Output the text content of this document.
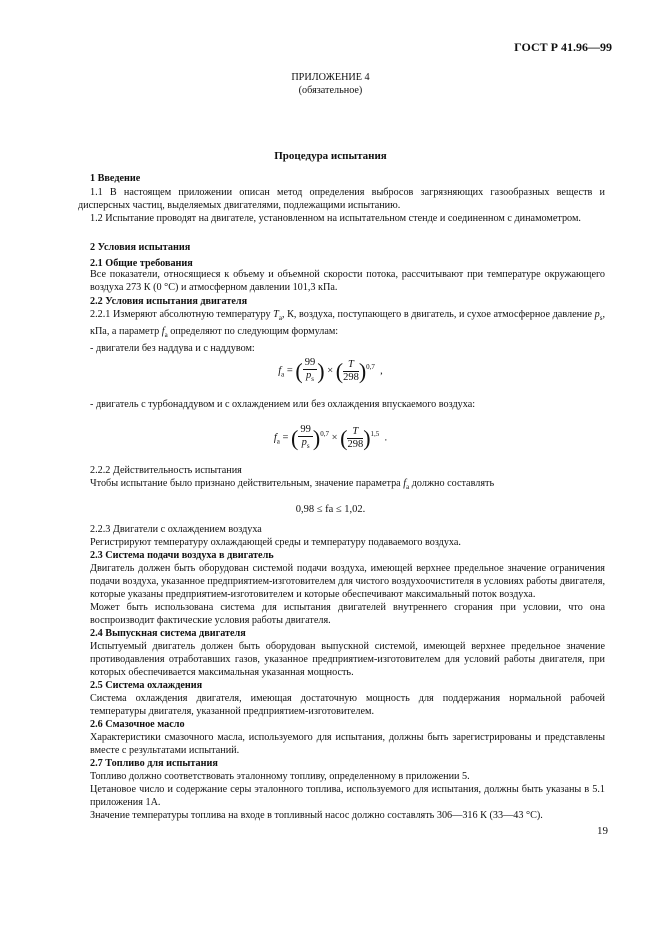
ГОСТ Р 41.96—99
ПРИЛОЖЕНИЕ 4
(обязательное)
Процедура испытания

1 Введение

1.1 В настоящем приложении описан метод определения выбросов загрязняющих газообразных веществ и дисперсных частиц, выделяемых двигателями, подлежащими испытанию.

1.2 Испытание проводят на двигателе, установленном на испытательном стенде и соединенном с динамометром.

2 Условия испытания

2.1 Общие требования

Все показатели, относящиеся к объему и объемной скорости потока, рассчитывают при температуре окружающего воздуха 273 К (0 °С) и атмосферном давлении 101,3 кПа.

2.2 Условия испытания двигателя

2.2.1 Измеряют абсолютную температуру $T_a$, К, воздуха, поступающего в двигатель, и сухое атмосферное давление $p_s$, кПа, а параметр $f_a$ определяют по следующим формулам:

- двигатели без наддува и с наддувом:

$f_a$ = ( $\frac{99}{p_s}$ ) × ( $\frac{T}{298} )^{0,7}$  ,

- двигатель с турбонаддувом и с охлаждением или без охлаждения впускаемого воздуха:

$f_a$ = ( $\frac{99}{p_s} )^{0,7}$ × ( $\frac{T}{298} )^{1,5}$  .

2.2.2 Действительность испытания

Чтобы испытание было признано действительным, значение параметра $f_a$ должно составлять

0,98 ≤ fa ≤ 1,02.

2.2.3 Двигатели с охлаждением воздуха

Регистрируют температуру охлаждающей среды и температуру подаваемого воздуха.

2.3 Система подачи воздуха в двигатель

Двигатель должен быть оборудован системой подачи воздуха, имеющей верхнее предельное значение ограничения подачи воздуха, указанное предприятием-изготовителем для чистого воздухоочистителя в условиях работы двигателя, которые указаны предприятием-изготовителем и которые обеспечивают максимальный поток воздуха.

Может быть использована система для испытания двигателей внутреннего сгорания при условии, что она воспроизводит фактические условия работы двигателя.

2.4 Выпускная система двигателя

Испытуемый двигатель должен быть оборудован выпускной системой, имеющей верхнее предельное значение противодавления отработавших газов, указанное предприятием-изготовителем для условий работы двигателя, при которых обеспечивается максимальная указанная мощность.

2.5 Система охлаждения

Система охлаждения двигателя, имеющая достаточную мощность для поддержания нормальной рабочей температуры двигателя, указанной предприятием-изготовителем.

2.6 Смазочное масло

Характеристики смазочного масла, используемого для испытания, должны быть зарегистрированы и представлены вместе с результатами испытаний.

2.7 Топливо для испытания

Топливо должно соответствовать эталонному топливу, определенному в приложении 5.

Цетановое число и содержание серы эталонного топлива, используемого для испытания, должны быть указаны в 5.1 приложения 1А.

Значение температуры топлива на входе в топливный насос должно составлять 306—316 К (33—43 °С).

19
